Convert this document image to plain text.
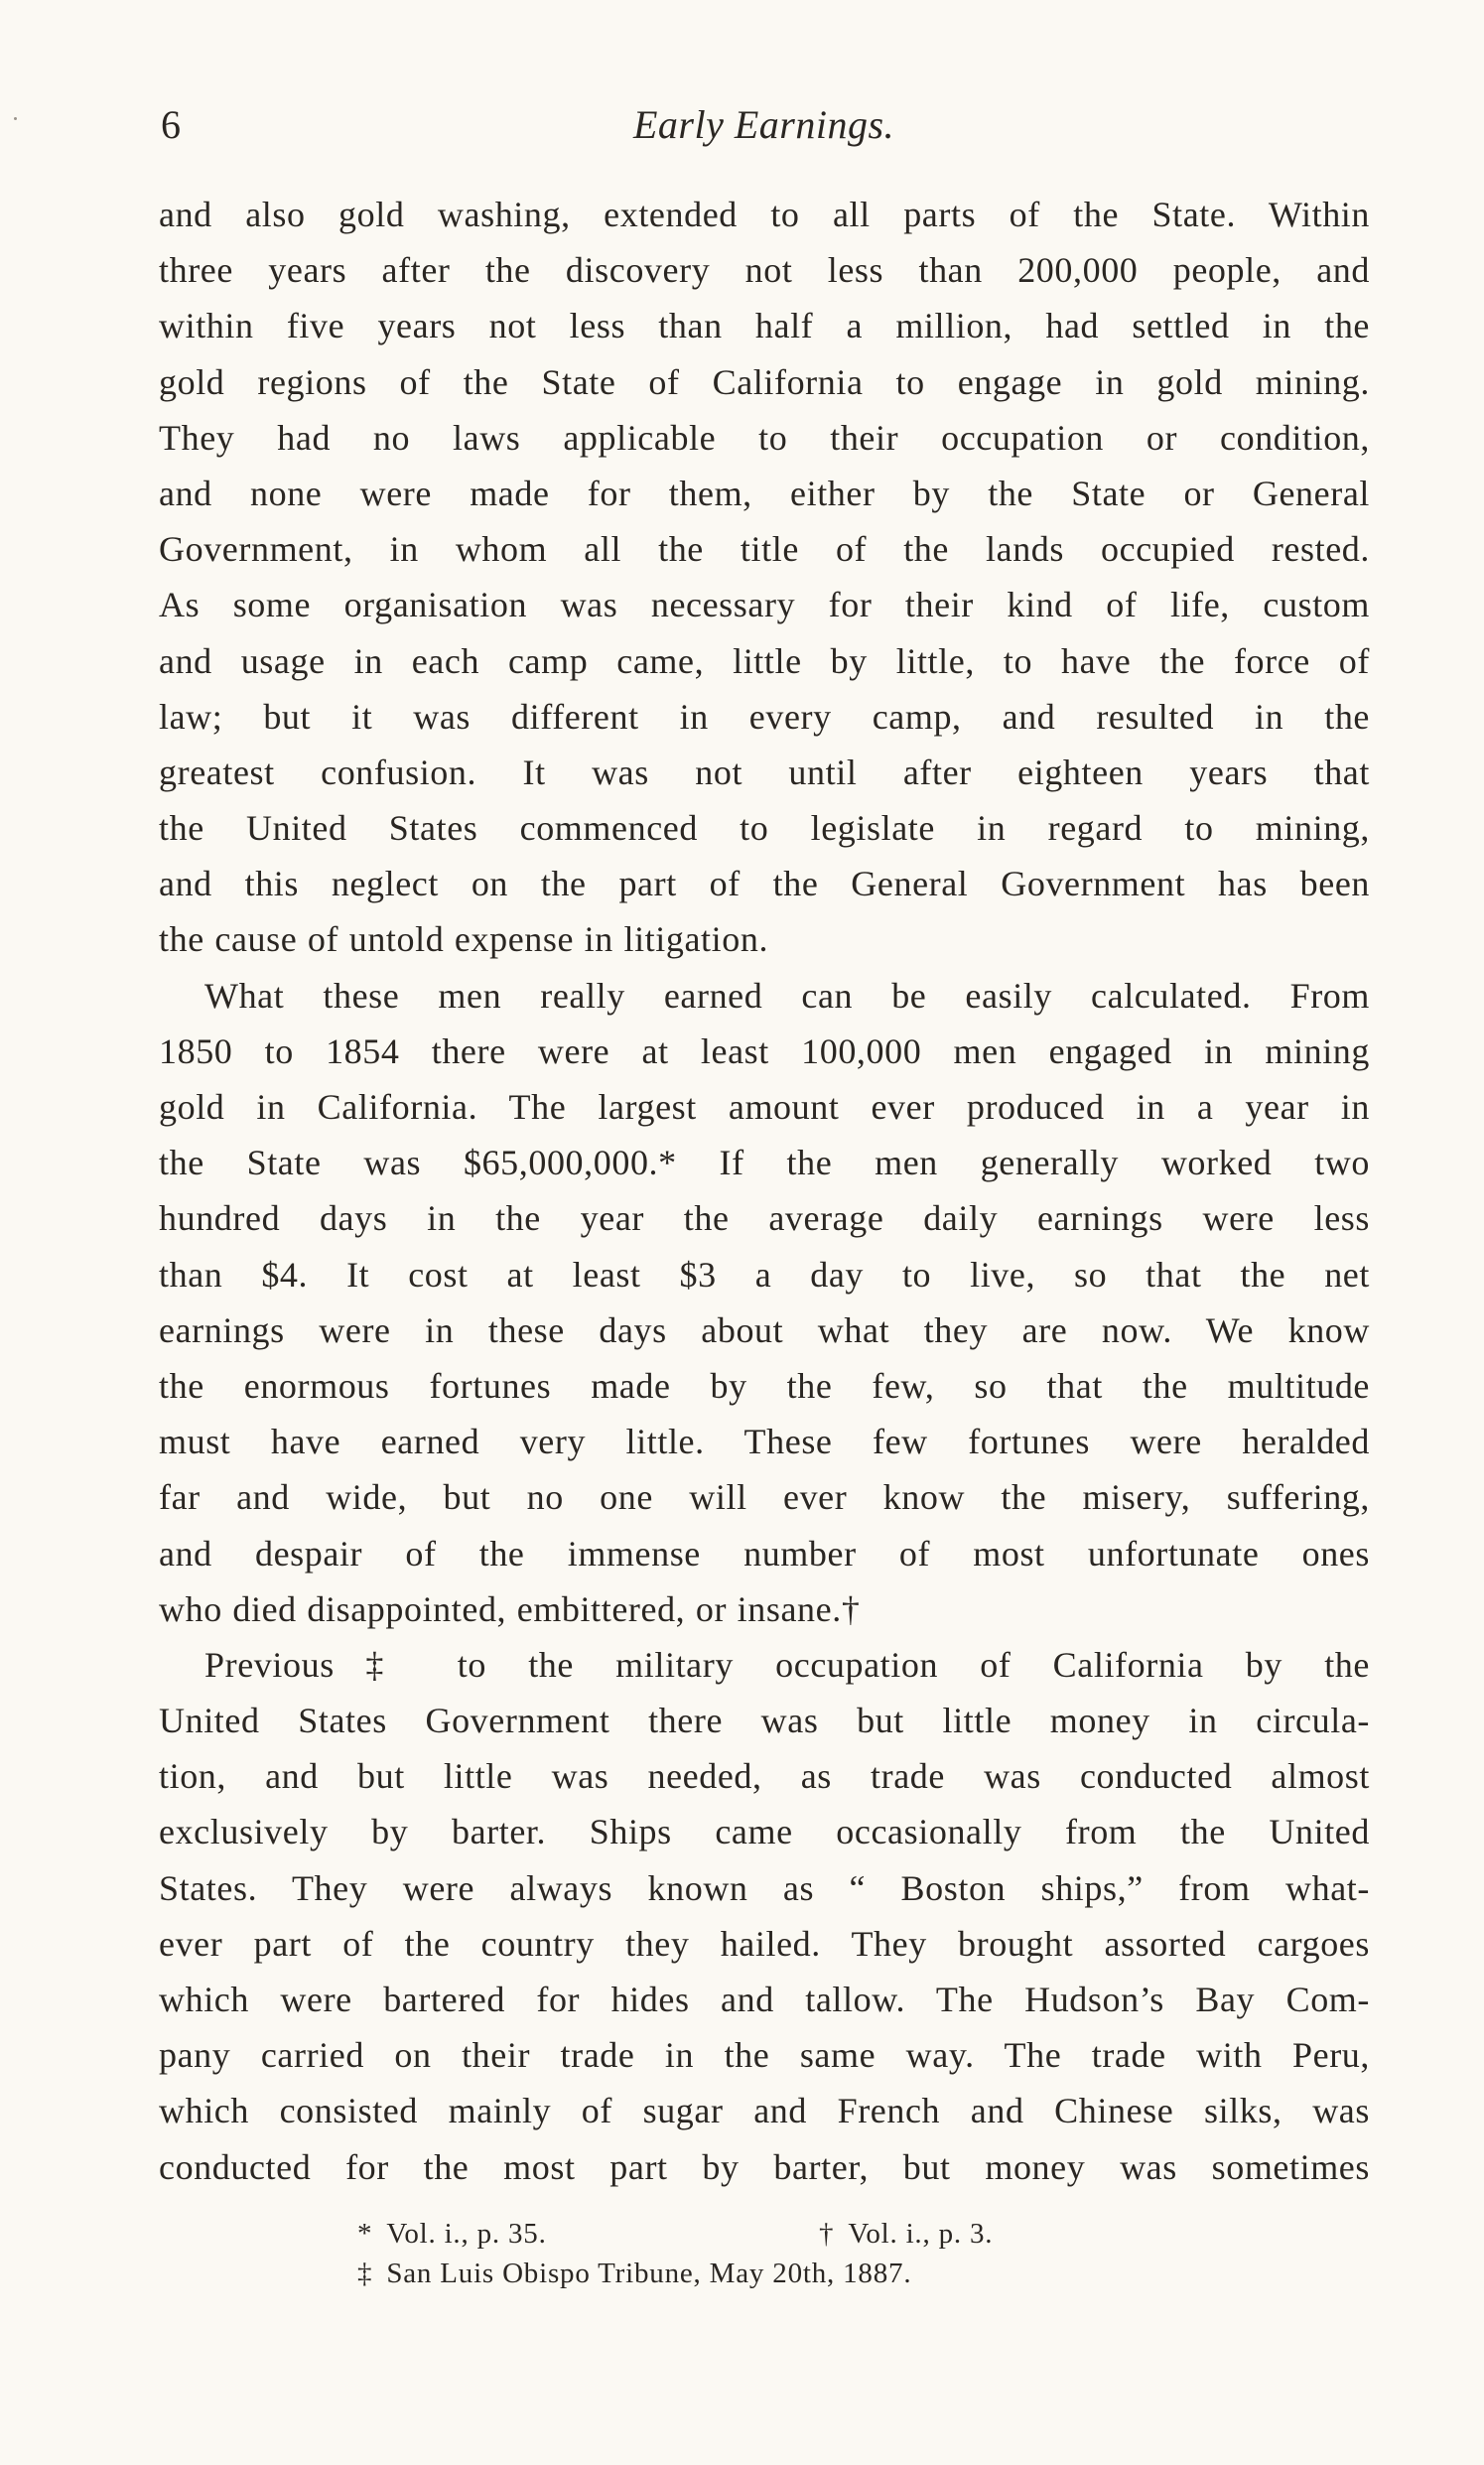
6	Early Earnings.
and also gold washing, extended to all parts of the State. Within
three years after the discovery not less than 200,000 people, and
within five years not less than half a million, had settled in the
gold regions of the State of California to engage in gold mining.
They had no laws applicable to their occupation or condition,
and none were made for them, either by the State or General
Government, in whom all the title of the lands occupied rested.
As some organisation was necessary for their kind of life, custom
and usage in each camp came, little by little, to have the force of
law; but it was different in every camp, and resulted in the
greatest confusion. It was not until after eighteen years that
the United States commenced to legislate in regard to mining,
and this neglect on the part of the General Government has been
the cause of untold expense in litigation.
What these men really earned can be easily calculated. From
1850 to 1854 there were at least 100,000 men engaged in mining
gold in California. The largest amount ever produced in a year in
the State was $65,000,000.* If the men generally worked two
hundred days in the year the average daily earnings were less
than $4. It cost at least $3 a day to live, so that the net
earnings were in these days about what they are now. We know
the enormous fortunes made by the few, so that the multitude
must have earned very little. These few fortunes were heralded
far and wide, but no one will ever know the misery, suffering,
and despair of the immense number of most unfortunate ones
who died disappointed, embittered, or insane.†
Previous‡ to the military occupation of California by the
United States Government there was but little money in circula-
tion, and but little was needed, as trade was conducted almost
exclusively by barter. Ships came occasionally from the United
States. They were always known as “ Boston ships,” from what-
ever part of the country they hailed. They brought assorted cargoes
which were bartered for hides and tallow. The Hudson’s Bay Com-
pany carried on their trade in the same way. The trade with Peru,
which consisted mainly of sugar and French and Chinese silks, was
conducted for the most part by barter, but money was sometimes
* Vol. i., p. 35.	† Vol. i., p. 3.
‡ San Luis Obispo Tribune, May 20th, 1887.
